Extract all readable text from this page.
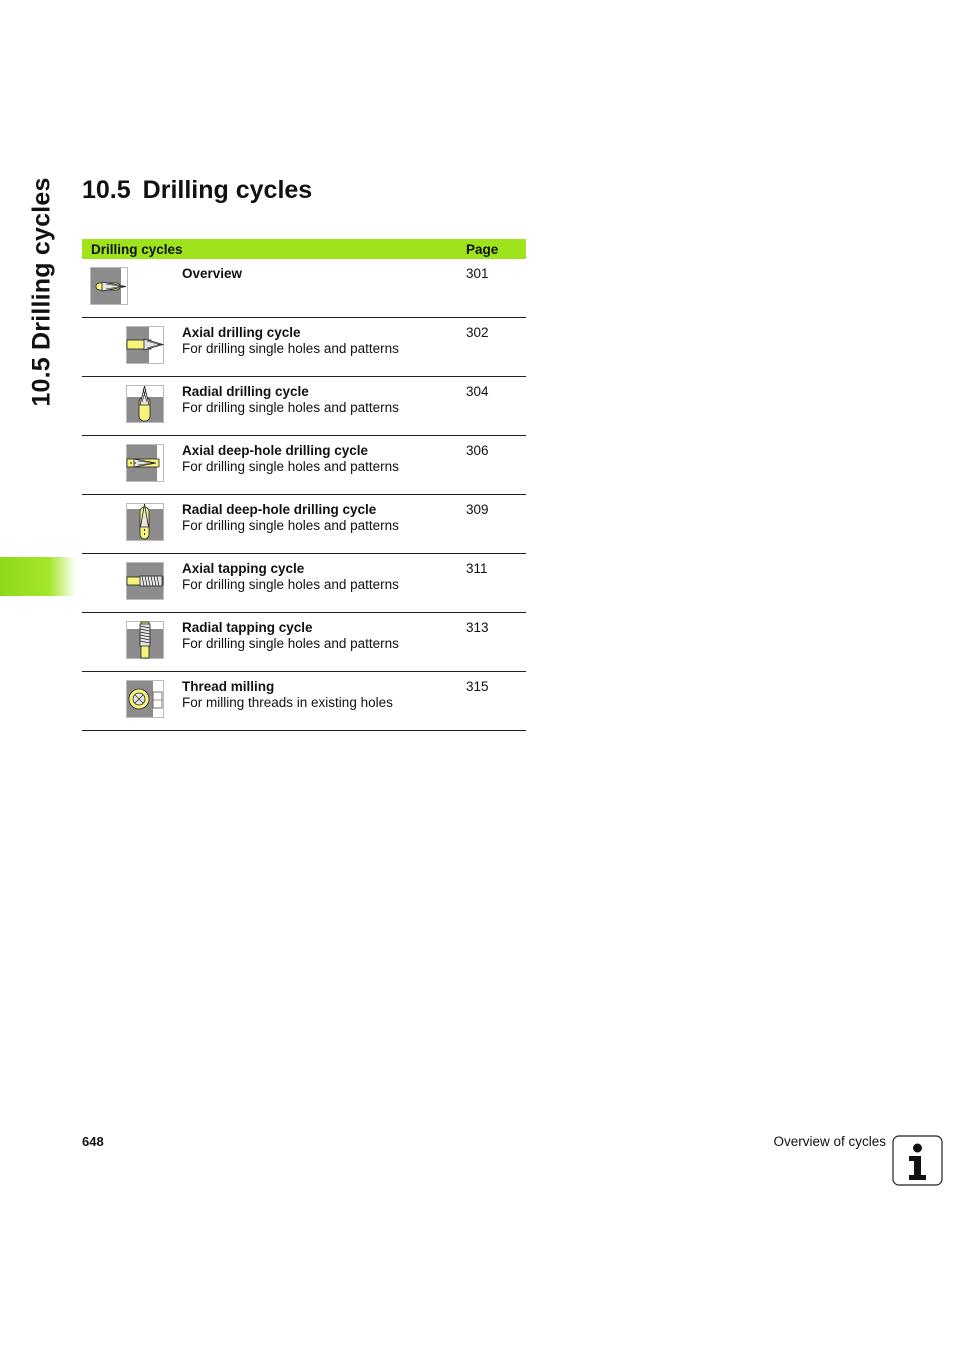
10.5 Drilling cycles 10.5 Drilling cycles
Drilling cycles		Page

Overview	301

Axial drilling cycle
For drilling single holes and patterns	302

Radial drilling cycle
For drilling single holes and patterns	304

Axial deep-hole drilling cycle
For drilling single holes and patterns	306

Radial deep-hole drilling cycle
For drilling single holes and patterns	309

Axial tapping cycle
For drilling single holes and patterns	311

Radial tapping cycle
For drilling single holes and patterns	313

Thread milling
For milling threads in existing holes	315
648	Overview of cycles
